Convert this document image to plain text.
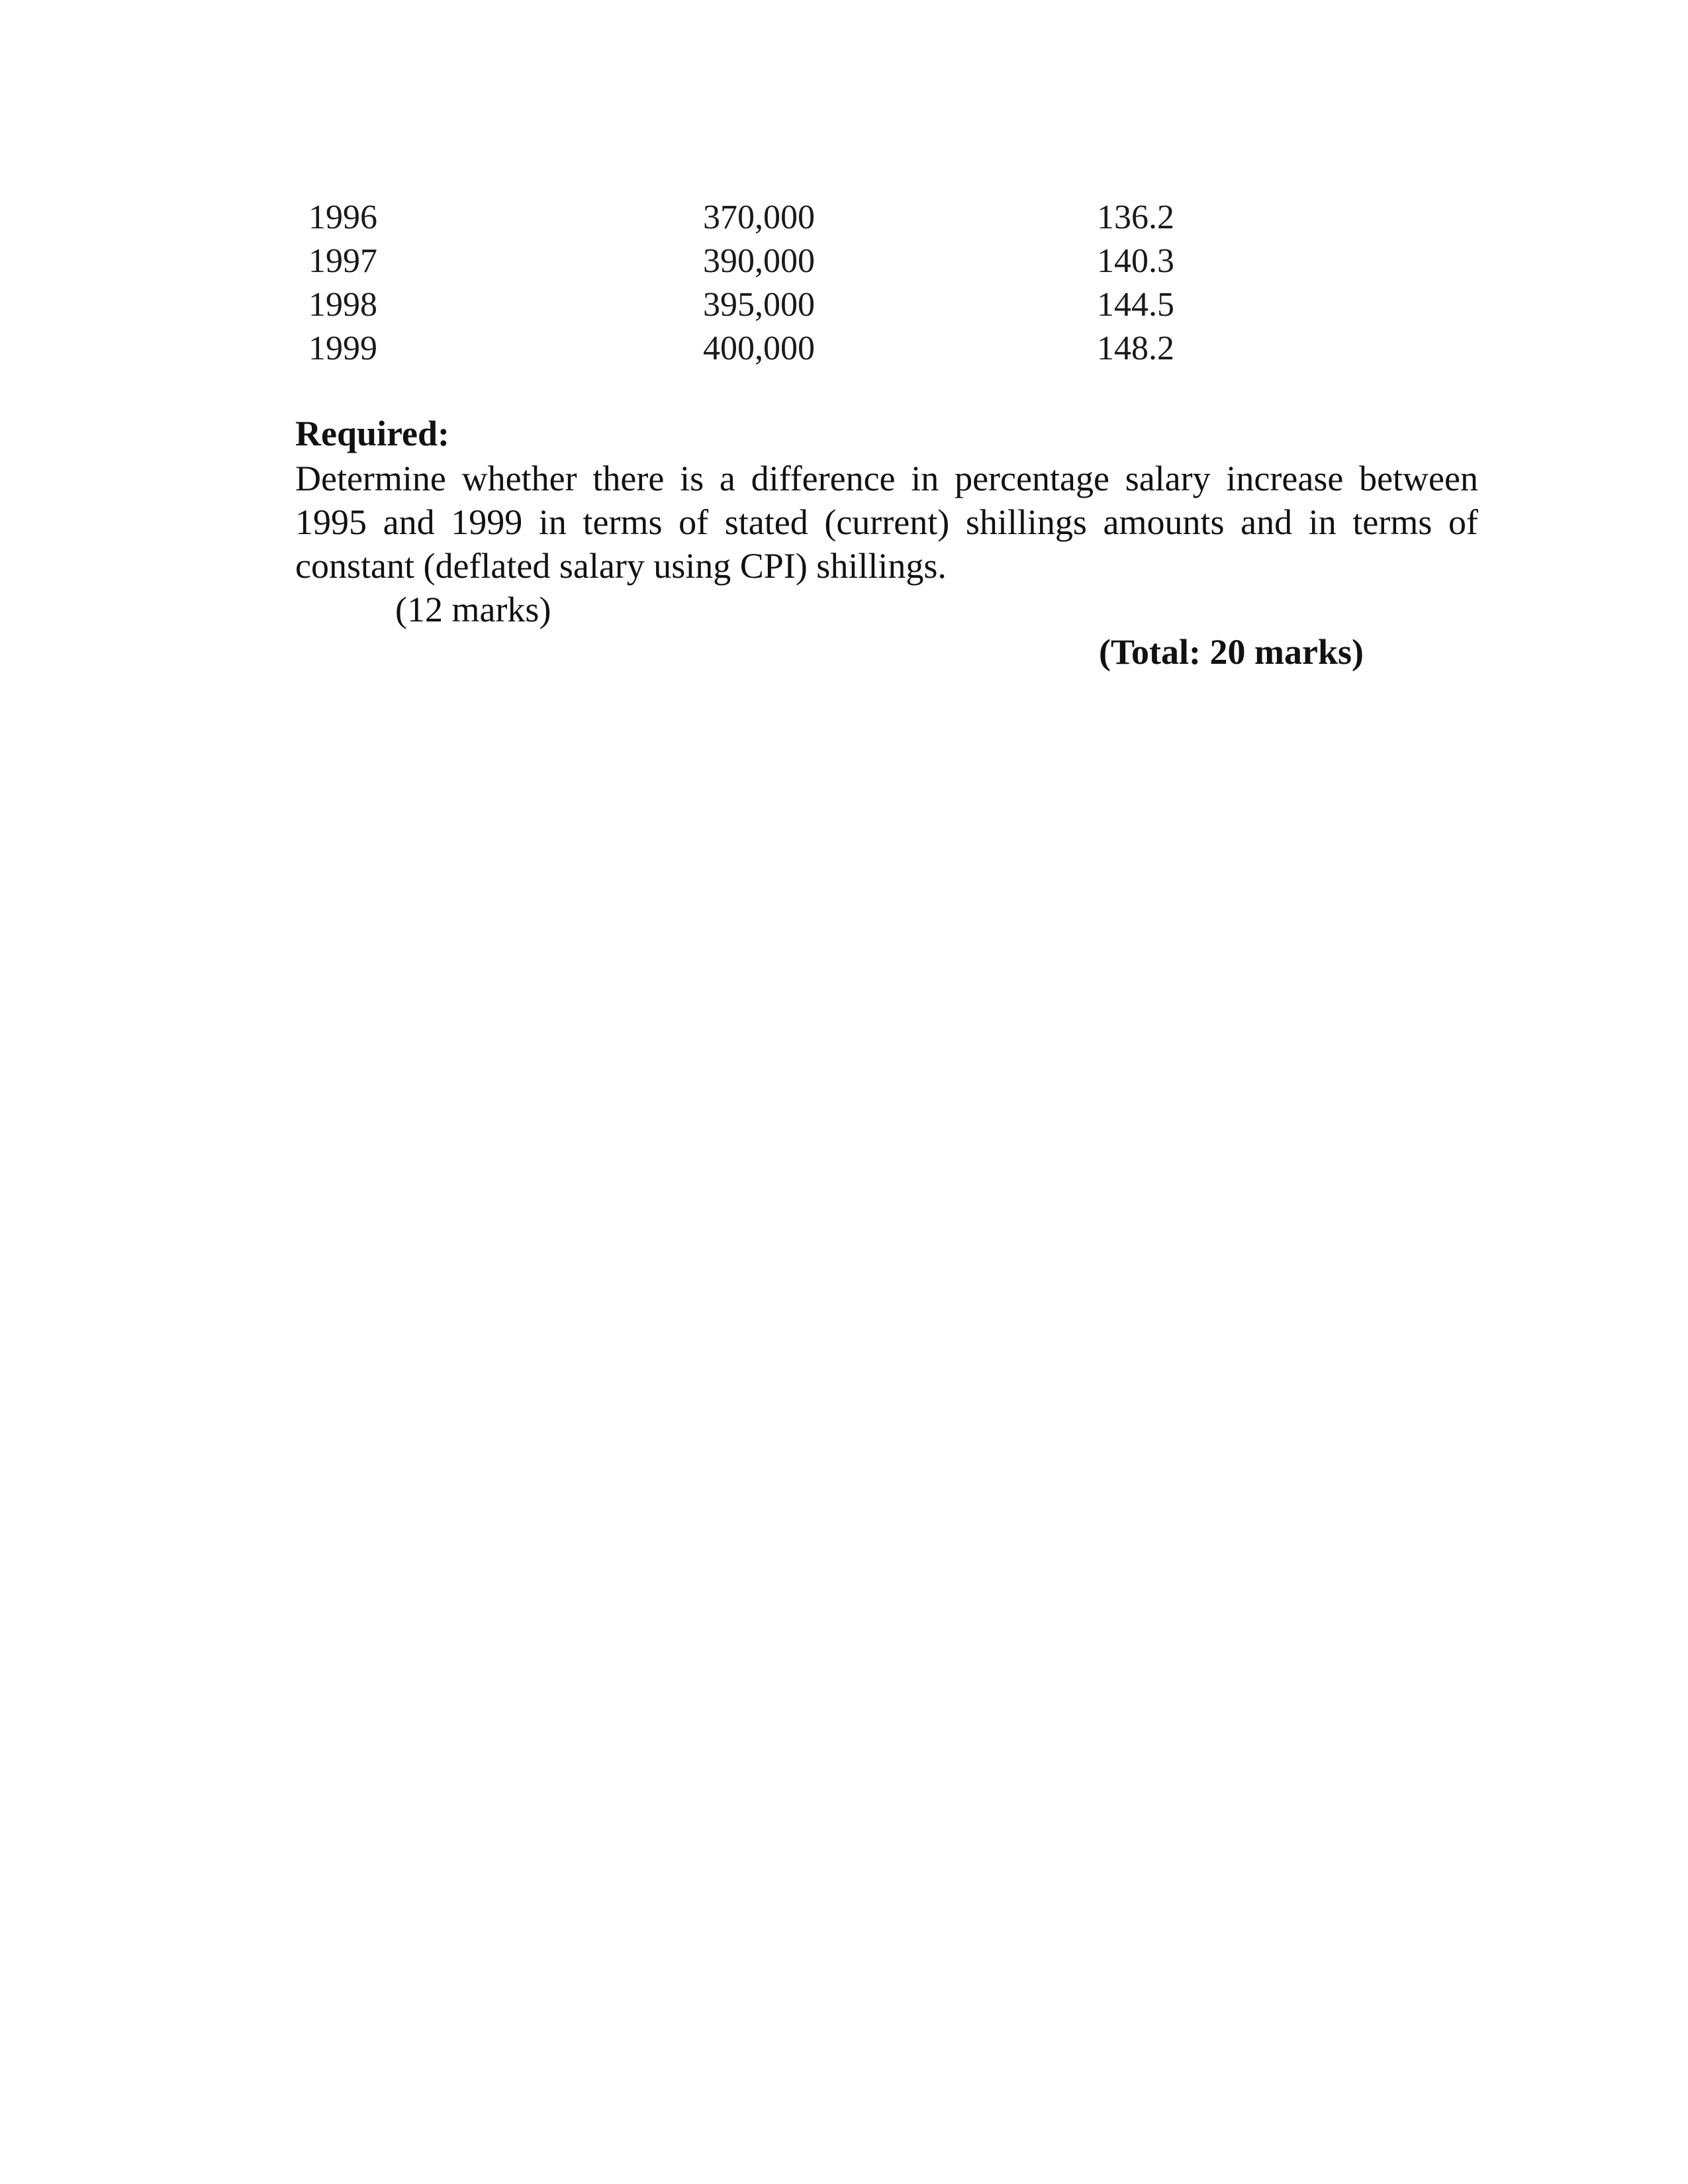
1996	370,000	136.2
1997	390,000	140.3
1998	395,000	144.5
1999	400,000	148.2
Required:

Determine whether there is a difference in percentage salary increase between 1995 and 1999 in terms of stated (current) shillings amounts and in terms of constant (deflated salary using CPI) shillings.

(12 marks)

(Total: 20 marks)
